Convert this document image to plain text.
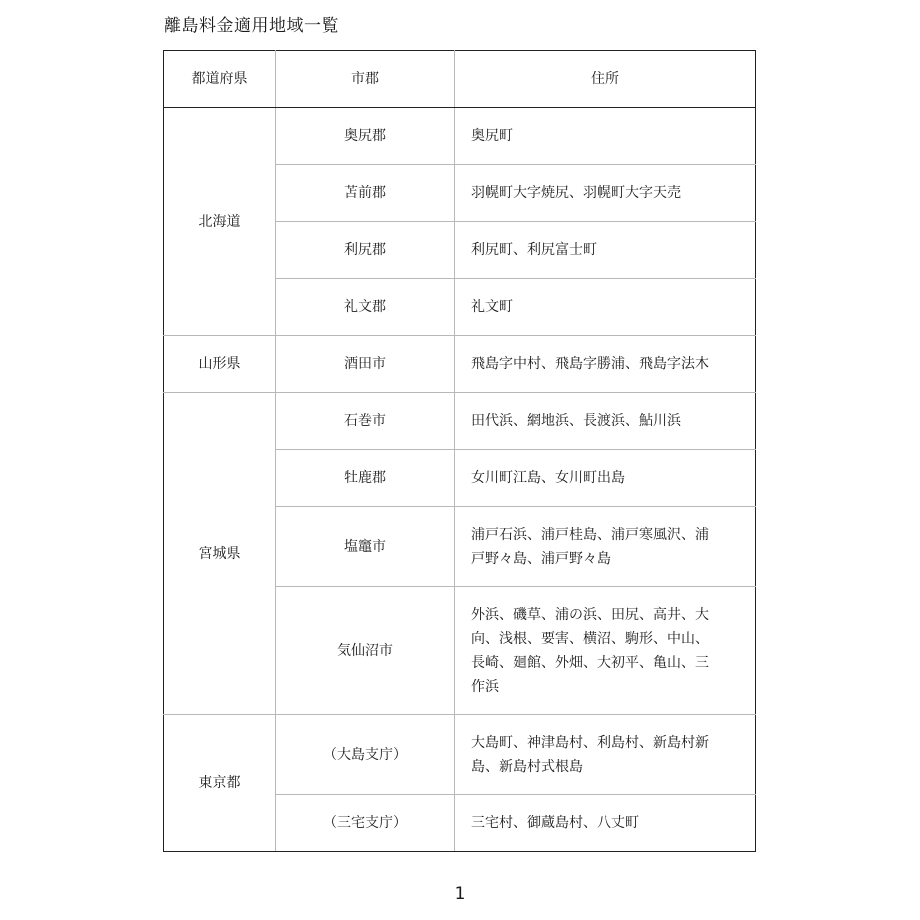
離島料金適用地域一覧
都道府県	市郡	住所
北海道	奥尻郡	奥尻町
	苫前郡	羽幌町大字焼尻、羽幌町大字天売
	利尻郡	利尻町、利尻富士町
	礼文郡	礼文町
山形県	酒田市	飛島字中村、飛島字勝浦、飛島字法木
宮城県	石巻市	田代浜、網地浜、長渡浜、鮎川浜
	牡鹿郡	女川町江島、女川町出島
	塩竈市	浦戸石浜、浦戸桂島、浦戸寒風沢、浦
戸野々島、浦戸野々島

	気仙沼市	外浜、磯草、浦の浜、田尻、高井、大
向、浅根、要害、横沼、駒形、中山、
長崎、廻館、外畑、大初平、亀山、三
作浜

東京都	（大島支庁）	大島町、神津島村、利島村、新島村新
島、新島村式根島

	（三宅支庁）	三宅村、御蔵島村、八丈町
1
